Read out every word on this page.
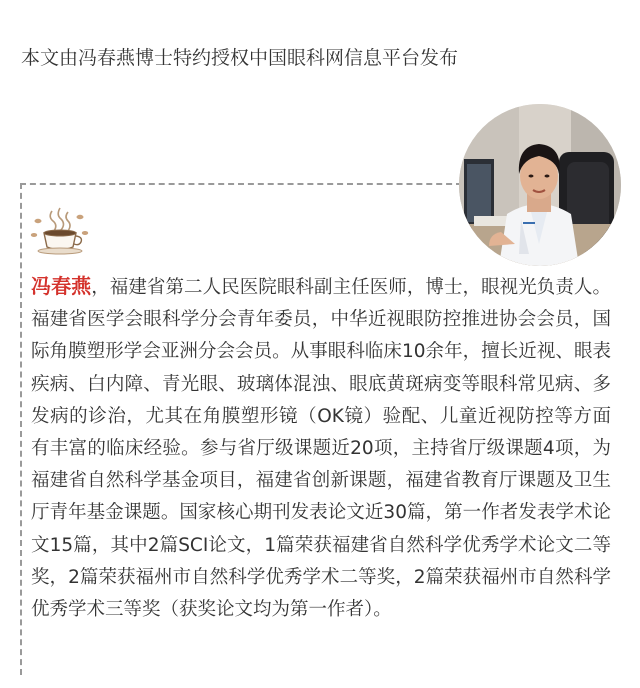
本文由冯春燕博士特约授权中国眼科网信息平台发布
冯春燕，福建省第二人民医院眼科副主任医师，博士，眼视光负责人。福建省医学会眼科学分会青年委员，中华近视眼防控推进协会会员，国际角膜塑形学会亚洲分会会员。从事眼科临床10余年，擅长近视、眼表疾病、白内障、青光眼、玻璃体混浊、眼底黄斑病变等眼科常见病、多发病的诊治，尤其在角膜塑形镜（OK镜）验配、儿童近视防控等方面有丰富的临床经验。参与省厅级课题近20项，主持省厅级课题4项，为福建省自然科学基金项目，福建省创新课题，福建省教育厅课题及卫生厅青年基金课题。国家核心期刊发表论文近30篇，第一作者发表学术论文15篇，其中2篇SCI论文，1篇荣获福建省自然科学优秀学术论文二等奖，2篇荣获福州市自然科学优秀学术二等奖，2篇荣获福州市自然科学优秀学术三等奖（获奖论文均为第一作者）。
